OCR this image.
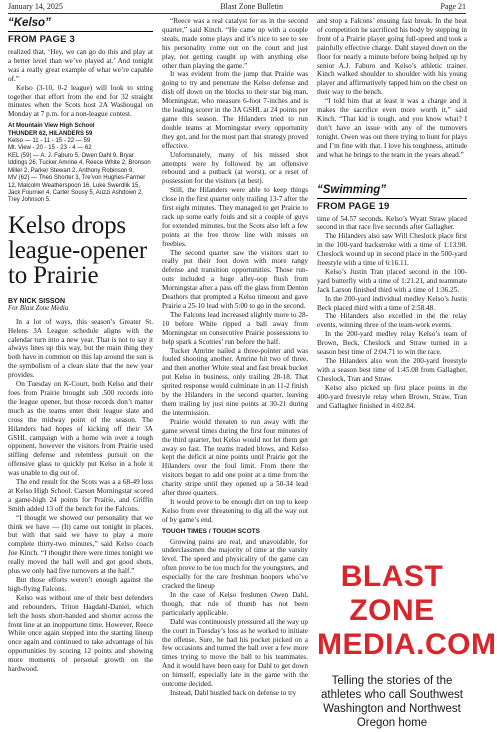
January 14, 2025	Blast Zone Bulletin	Page 21
“Kelso”
FROM PAGE 3

realized that, ‘Hey, we can go do this and play at a better level than we’ve played at.’ And tonight was a really great example of what we’re capable of.”

Kelso (3-10, 0-2 league) will look to string together that effort from the end for 32 straight minutes when the Scots host 2A Washougal on Monday at 7 p.m. for a non-league contest.

At Mountain View High School
THUNDER 62, HILANDERS 59
Kelso — 11 - 11 - 15 - 22 — 59
Mt. View - 20 - 15 - 23 - 4 — 62
KEL (59) — A. J. Faburo 5, Owen Dahl 9, Bryar Iddings 26, Tucker Amrine 4, Reece White 2, Bronson Miller 2, Parker Stewart 2, Anthony Robinson 9.
MV (62) — Theo Shorter 3, Tre’von Hughes-Farmer 12, Malcolm Weatherspoon 16, Luke Swerdlik 15, Jack Fournier 4, Carter Sousy 5, Auzzi Ashdown 2, Trey Johnson 5.
Kelso drops league-opener to Prairie
BY NICK SISSON
For Blast Zone Media

In a lot of ways, this season’s Greater St. Helens 3A League schedule aligns with the calendar turn into a new year. That is not to say it always lines up this way, but the main thing they both have in common on this lap around the sun is the symbolism of a clean slate that the new year provides.

On Tuesday on K-Court, both Kelso and their foes from Prairie brought sub .500 records into the league opener, but those records don’t matter much as the teams enter their league slate and cross the midway point of the season. The Hilanders had hopes of kicking off their 3A GSHL campaign with a home win over a tough opponent, however the visitors from Prairie used stifling defense and relentless pursuit on the offensive glass to quickly put Kelso in a hole it was unable to dig out of.

The end result for the Scots was a a 68-49 loss at Kelso High School. Carson Morningstar scored a game-high 24 points for Prairie, and Griffin Smith added 13 off the bench for the Falcons.

“I thought we showed our personality that we think we have — (It) came out tonight in places, but with that said we have to play a more complete thirty-two minutes,” said Kelso coach Joe Kinch. “I thought there were times tonight we really moved the ball well and got good shots, plus we only had five turnovers at the half.”

But those efforts weren’t enough against the high-flying Falcons.

Kelso was without one of their best defenders and rebounders, Triton Hagdahl-Daniel, which left the hosts short-handed and shorter across the front line at an inopportune time. However, Reece White once again stepped into the starting lineup once again and continued to take advantage of his opportunities by scoring 12 points and showing more moments of personal growth on the hardwood.

“Reece was a real catalyst for us in the second quarter,” said Kinch. “He came up with a couple steals, made some plays and it’s nice to see to see his personality come out on the court and just play, not getting caught up with anything else other than playing the game.”

It was evident from the jump that Prairie was going to try and penetrate the Kelso defense and dish off down on the blocks to their star big man, Morningstar, who measure 6-foot 7-inches and is the leading scorer in the 3A GSHL at 24 points per game this season. The Hilanders tried to run double teams at Morningstar every opportunity they got, and for the most part that strategy proved effective.

Unfortunately, many of his missed shot attempts were by followed by an offensive rebound and a putback (at worst), or a reset of possession for the visitors (at best).

Still, the Hilanders were able to keep things close in the first quarter only trailing 13-7 after the first eight minutes. They managed to get Prairie to rack up some early fouls and sit a couple of guys for extended minutes, but the Scots also left a few points at the free throw line with misses on freebies.

The second quarter saw the visitors start to really put their foot down with more rangy defense and transition opportunities. Those run-outs included a huge alley-oop flush from Morningstar after a pass off the glass from Denton Deathors that prompted a Kelso timeout and gave Prairie a 25-10 lead with 5:00 to go in the second.

The Falcons lead increased slightly more to 28-10 before White ripped a ball away from Morningstar on consecutive Prairie possessions to help spark a Scotties’ run before the half.

Tucker Amrine nailed a three-pointer and was fouled shooting another. Amrine hit two of three, and then another White steal and fast break bucket put Kelso in business, only trailing 28-18. That sprited response would culminate in an 11-2 finish by the Hilanders in the second quarter, leaving them trailing by just nine points at 30-21 during the intermission.

Prairie would threaten to run away with the game several times during the first four minutes of the third quarter, but Kelso would not let them get away so fast. The teams traded blows, and Kelso kept the deficit at nine points until Prairie got the Hilanders over the foul limit. From there the visitors began to add one point at a time from the charity stripe until they opened up a 50-34 lead after three quarters.

It would prove to be enough dirt on top to keep Kelso from ever threatening to dig all the way out of by game’s end.

TOUGH TIMES / TOUGH SCOTS

Growing pains are real, and unavoidable, for underclassmen the majority of time at the varsity level. The speed and physicality of the game can often prove to be too much for the youngsters, and especially for the rare freshman hoopers who’ve cracked the lineup

In the case of Kelso freshmen Owen Dahl, though, that rule of thumb has not been particularly applicable.

Dahl was continuously pressured all the way up the court in Tuesday’s loss as he worked to initiate the offense. Sure, he had his pocket picked on a few occasions and turned the ball over a few more times trying to move the ball to his teammates. And it would have been easy for Dahl to get down on himself, especially late in the game with the outcome decided.

Instead, Dahl hustled back on defense to try

and stop a Falcons’ ensuing fast break. In the heat of competition he sacrificed his body by stepping in front of a Prairie player going full-speed and took a painfully effective charge. Dahl stayed down on the floor for nearly a minute before being helped up by senior A.J. Faburo and Kelso’s athletic trainer. Kinch walked shoulder to shoulder with his young player and affirmatively tapped him on the chest on their way to the bench.

“I told him that at least it was a charge and it makes the sacrifice even more worth it,” said Kinch. “That kid is tough, and you know what? I don’t have an issue with any of the turnovers tonight. Owen was out there trying to hunt for plays and I’m fine with that. I love his toughness, attitude and what he brings to the team in the years ahead.”

“Swimming”
FROM PAGE 19

time of 54.57 seconds. Kelso’s Wyatt Straw placed second in that race five seconds after Gallagher.

The Hilanders also saw Will Cheslock place first in the 100-yard backstroke with a time of 1:13.98. Cheslock wound up in second place in the 500-yard freestyle with a time of 6:16.11.

Kelso’s Justin Tran placed second in the 100-yard butterfly with a time of 1:21.21, and teammate Jack Larson finished third with a time of 1:36.25.

In the 200-yard individual medley Kelso’s Justis Beck placed third with a time of 2:58.48.

The Hilanders also excelled in the the relay events, winning three of the team-work events.

In the 200-yard medley relay Kelso’s team of Brown, Beck, Cheslock and Straw turned in a season best time of 2:04.71 to win the race.

The Hilanders also won the 200-yard freestyle with a season best time of 1:45.08 from Gallagher, Cheslock, Tran and Straw.

Kelso also picked up first place points in the 400-yard freestyle relay when Brown, Straw, Tran and Gallagher finished in 4:02.84.

BLAST
ZONE
MEDIA.COM
Telling the stories of the athletes who call Southwest Washington and Northwest Oregon home
